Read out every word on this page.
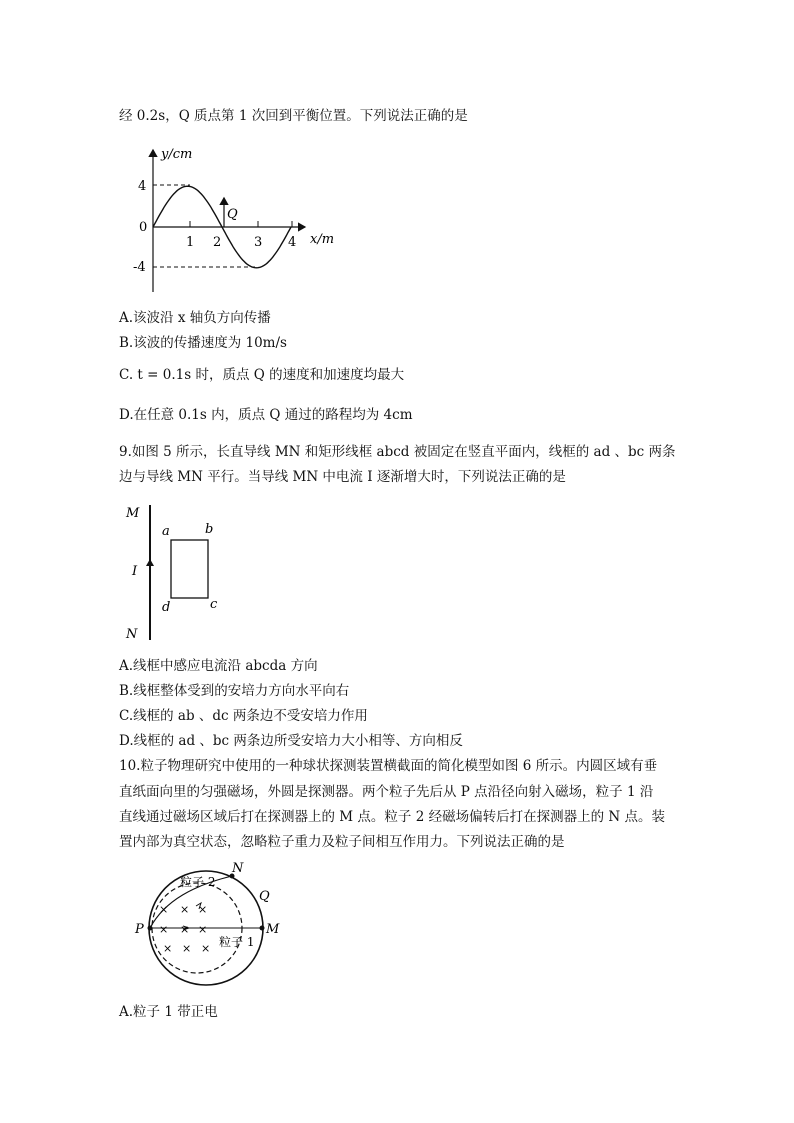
经 0.2s，Q 质点第 1 次回到平衡位置。下列说法正确的是
y/cm
x/m
4
0
-4
1 2	3 4
Q
A.该波沿 x 轴负方向传播
B.该波的传播速度为 10m/s
C. t = 0.1s 时，质点 Q 的速度和加速度均最大
D.在任意 0.1s 内，质点 Q 通过的路程均为 4cm
9.如图 5 所示，长直导线 MN 和矩形线框 abcd 被固定在竖直平面内，线框的 ad 、bc 两条
边与导线 MN 平行。当导线 MN 中电流 I 逐渐增大时，下列说法正确的是
M
N
I
a	b
c
d
A.线框中感应电流沿 abcda 方向
B.线框整体受到的安培力方向水平向右
C.线框的 ab 、dc 两条边不受安培力作用
D.线框的 ad 、bc 两条边所受安培力大小相等、方向相反
10.粒子物理研究中使用的一种球状探测装置横截面的简化模型如图 6 所示。内圆区域有垂
直纸面向里的匀强磁场，外圆是探测器。两个粒子先后从 P 点沿径向射入磁场，粒子 1 沿
直线通过磁场区域后打在探测器上的 M 点。粒子 2 经磁场偏转后打在探测器上的 N 点。装
置内部为真空状态，忽略粒子重力及粒子间相互作用力。下列说法正确的是
× × ×
× × ×
× × ×
P	M
N
Q
粒子 2
粒子 1
A.粒子 1 带正电
